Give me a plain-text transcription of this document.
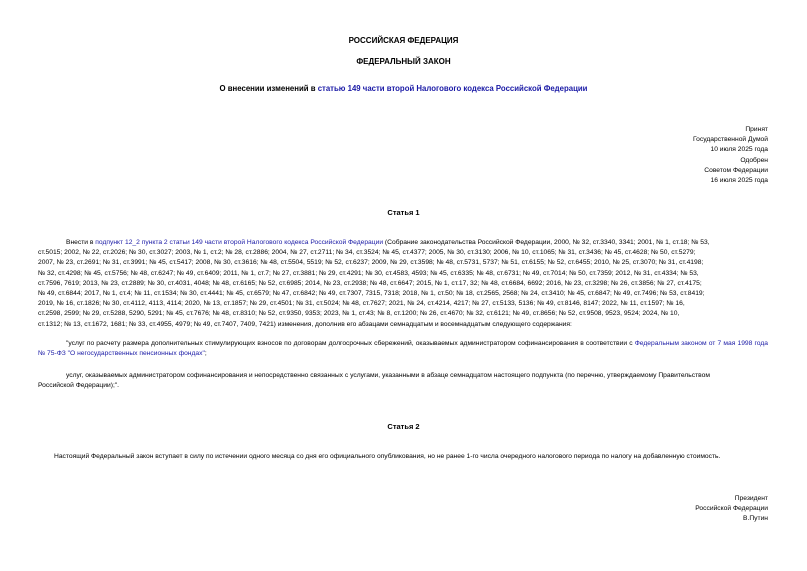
РОССИЙСКАЯ ФЕДЕРАЦИЯ
ФЕДЕРАЛЬНЫЙ ЗАКОН
О внесении изменений в статью 149 части второй Налогового кодекса Российской Федерации
Принят
Государственной Думой
10 июля 2025 года
Одобрен
Советом Федерации
16 июля 2025 года
Статья 1
Внести в подпункт 12_2 пункта 2 статьи 149 части второй Налогового кодекса Российской Федерации (Собрание законодательства Российской Федерации, 2000, № 32, ст.3340, 3341; 2001, № 1, ст.18; № 53,
ст.5015; 2002, № 22, ст.2026; № 30, ст.3027; 2003, № 1, ст.2; № 28, ст.2886; 2004, № 27, ст.2711; № 34, ст.3524; № 45, ст.4377; 2005, № 30, ст.3130; 2006, № 10, ст.1065; № 31, ст.3436; № 45, ст.4628; № 50, ст.5279;
2007, № 23, ст.2691; № 31, ст.3991; № 45, ст.5417; 2008, № 30, ст.3616; № 48, ст.5504, 5519; № 52, ст.6237; 2009, № 29, ст.3598; № 48, ст.5731, 5737; № 51, ст.6155; № 52, ст.6455; 2010, № 25, ст.3070; № 31, ст.4198;
№ 32, ст.4298; № 45, ст.5756; № 48, ст.6247; № 49, ст.6409; 2011, № 1, ст.7; № 27, ст.3881; № 29, ст.4291; № 30, ст.4583, 4593; № 45, ст.6335; № 48, ст.6731; № 49, ст.7014; № 50, ст.7359; 2012, № 31, ст.4334; № 53,
ст.7596, 7619; 2013, № 23, ст.2889; № 30, ст.4031, 4048; № 48, ст.6165; № 52, ст.6985; 2014, № 23, ст.2938; № 48, ст.6647; 2015, № 1, ст.17, 32; № 48, ст.6684, 6692; 2016, № 23, ст.3298; № 26, ст.3856; № 27, ст.4175;
№ 49, ст.6844; 2017, № 1, ст.4; № 11, ст.1534; № 30, ст.4441; № 45, ст.6579; № 47, ст.6842; № 49, ст.7307, 7315, 7318; 2018, № 1, ст.50; № 18, ст.2565, 2568; № 24, ст.3410; № 45, ст.6847; № 49, ст.7496; № 53, ст.8419;
2019, № 16, ст.1826; № 30, ст.4112, 4113, 4114; 2020, № 13, ст.1857; № 29, ст.4501; № 31, ст.5024; № 48, ст.7627; 2021, № 24, ст.4214, 4217; № 27, ст.5133, 5136; № 49, ст.8146, 8147; 2022, № 11, ст.1597; № 16,
ст.2598, 2599; № 29, ст.5288, 5290, 5291; № 45, ст.7676; № 48, ст.8310; № 52, ст.9350, 9353; 2023, № 1, ст.43; № 8, ст.1200; № 26, ст.4670; № 32, ст.6121; № 49, ст.8656; № 52, ст.9508, 9523, 9524; 2024, № 10,
ст.1312; № 13, ст.1672, 1681; № 33, ст.4955, 4979; № 49, ст.7407, 7409, 7421) изменения, дополнив его абзацами семнадцатым и восемнадцатым следующего содержания:
"услуг по расчету размера дополнительных стимулирующих взносов по договорам долгосрочных сбережений, оказываемых администратором софинансирования в соответствии с Федеральным законом от 7 мая 1998 года № 75-ФЗ "О негосударственных пенсионных фондах";
услуг, оказываемых администратором софинансирования и непосредственно связанных с услугами, указанными в абзаце семнадцатом настоящего подпункта (по перечню, утверждаемому Правительством
Российской Федерации);".
Статья 2
Настоящий Федеральный закон вступает в силу по истечении одного месяца со дня его официального опубликования, но не ранее 1-го числа очередного налогового периода по налогу на добавленную стоимость.
Президент
Российской Федерации
В.Путин
